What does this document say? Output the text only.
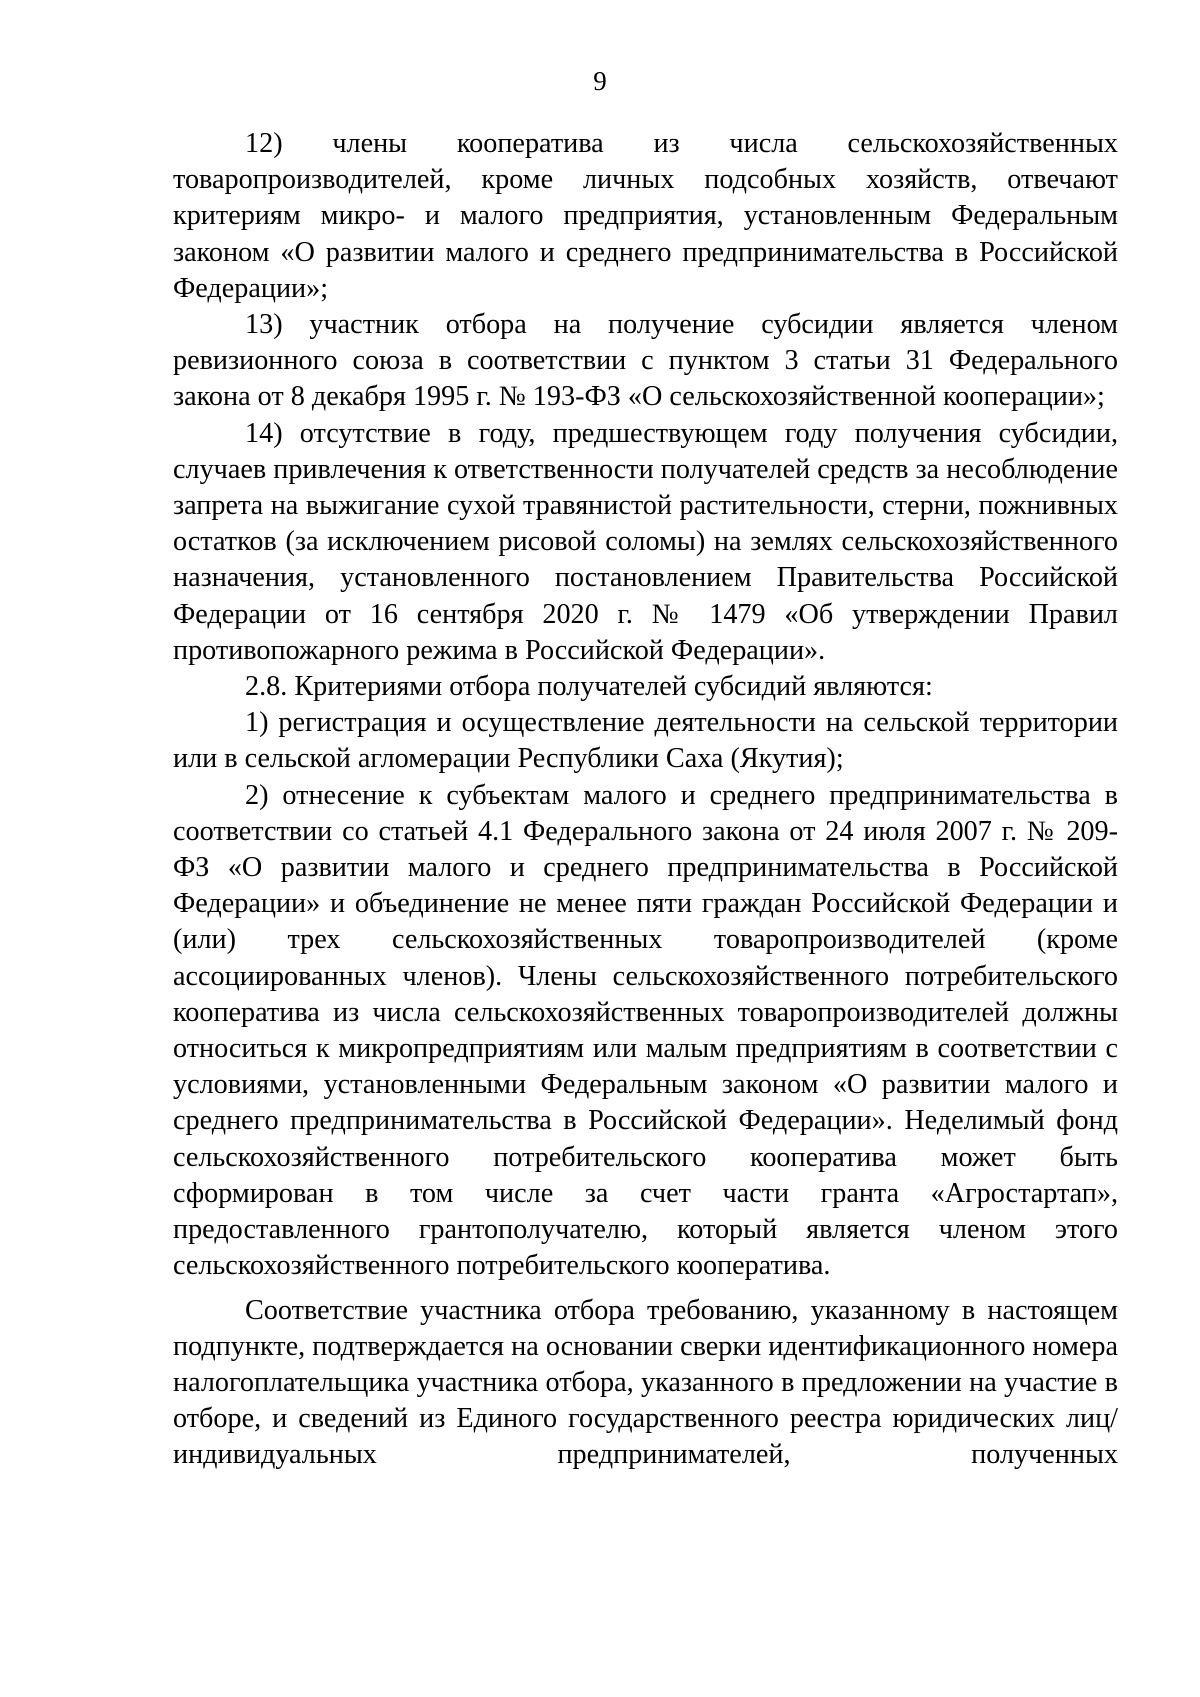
9

12) члены кооператива из числа сельскохозяйственных товаропроизводителей, кроме личных подсобных хозяйств, отвечают критериям микро- и малого предприятия, установленным Федеральным законом «О развитии малого и среднего предпринимательства в Российской Федерации»;

13) участник отбора на получение субсидии является членом ревизионного союза в соответствии с пунктом 3 статьи 31 Федерального закона от 8 декабря 1995 г. № 193-ФЗ «О сельскохозяйственной кооперации»;

14) отсутствие в году, предшествующем году получения субсидии, случаев привлечения к ответственности получателей средств за несоблюдение запрета на выжигание сухой травянистой растительности, стерни, пожнивных остатков (за исключением рисовой соломы) на землях сельскохозяйственного назначения, установленного постановлением Правительства Российской Федерации от 16 сентября 2020 г. № 1479 «Об утверждении Правил противопожарного режима в Российской Федерации».

2.8. Критериями отбора получателей субсидий являются:

1) регистрация и осуществление деятельности на сельской территории или в сельской агломерации Республики Саха (Якутия);

2) отнесение к субъектам малого и среднего предпринимательства в соответствии со статьей 4.1 Федерального закона от 24 июля 2007 г. № 209-ФЗ «О развитии малого и среднего предпринимательства в Российской Федерации» и объединение не менее пяти граждан Российской Федерации и (или) трех сельскохозяйственных товаропроизводителей (кроме ассоциированных членов). Члены сельскохозяйственного потребительского кооператива из числа сельскохозяйственных товаропроизводителей должны относиться к микропредприятиям или малым предприятиям в соответствии с условиями, установленными Федеральным законом «О развитии малого и среднего предпринимательства в Российской Федерации». Неделимый фонд сельскохозяйственного потребительского кооператива может быть сформирован в том числе за счет части гранта «Агростартап», предоставленного грантополучателю, который является членом этого сельскохозяйственного потребительского кооператива.

Соответствие участника отбора требованию, указанному в настоящем подпункте, подтверждается на основании сверки идентификационного номера налогоплательщика участника отбора, указанного в предложении на участие в отборе, и сведений из Единого государственного реестра юридических лиц/индивидуальных предпринимателей, полученных
